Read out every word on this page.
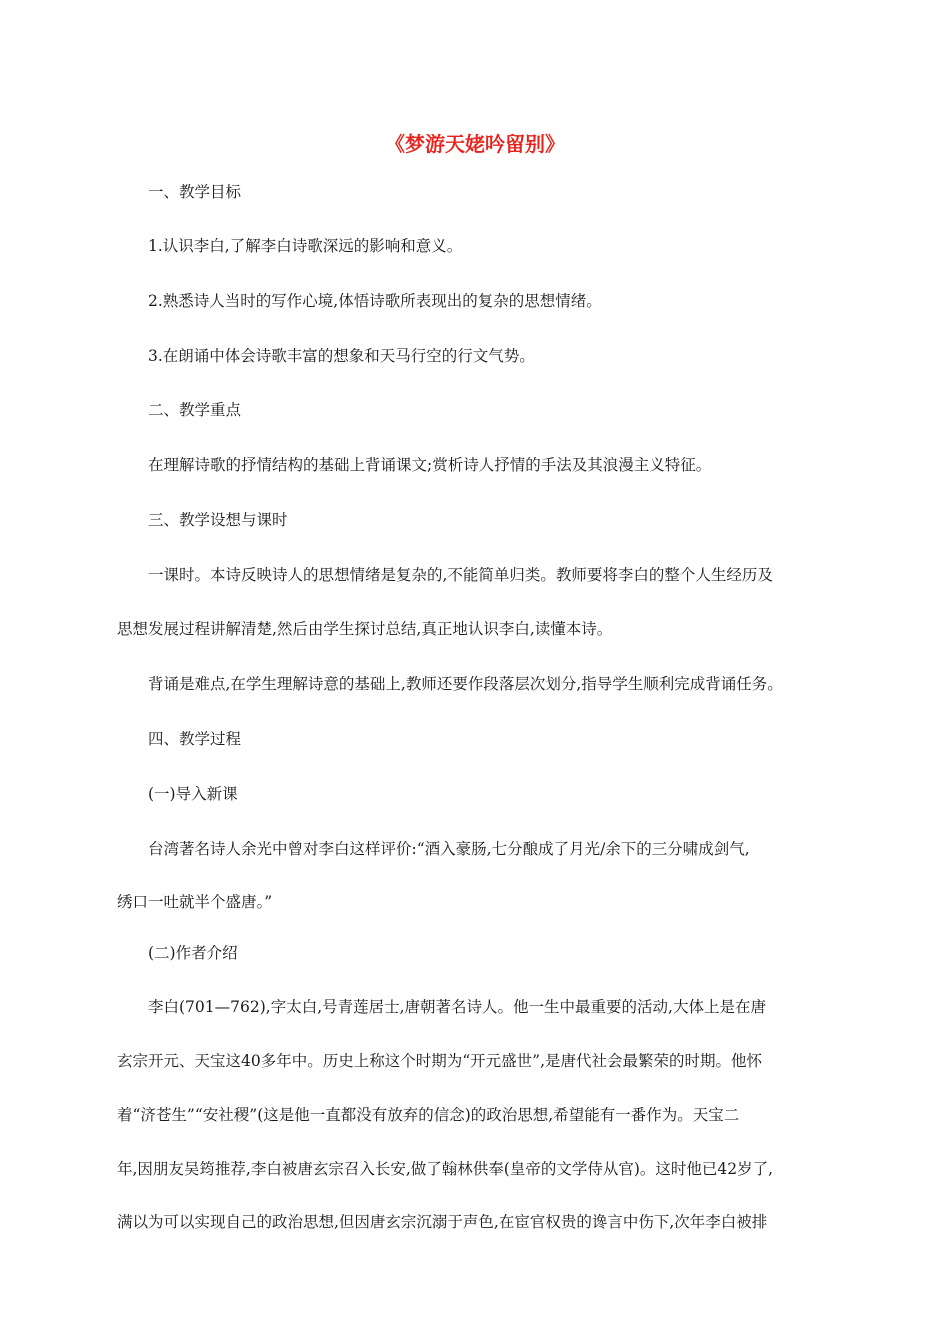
《梦游天姥吟留别》
一、教学目标
1.认识李白,了解李白诗歌深远的影响和意义。
2.熟悉诗人当时的写作心境,体悟诗歌所表现出的复杂的思想情绪。
3.在朗诵中体会诗歌丰富的想象和天马行空的行文气势。
二、教学重点
在理解诗歌的抒情结构的基础上背诵课文;赏析诗人抒情的手法及其浪漫主义特征。
三、教学设想与课时
一课时。本诗反映诗人的思想情绪是复杂的,不能简单归类。教师要将李白的整个人生经历及
思想发展过程讲解清楚,然后由学生探讨总结,真正地认识李白,读懂本诗。
背诵是难点,在学生理解诗意的基础上,教师还要作段落层次划分,指导学生顺利完成背诵任务。
四、教学过程
(一)导入新课
台湾著名诗人余光中曾对李白这样评价:“酒入豪肠,七分酿成了月光/余下的三分啸成剑气,
绣口一吐就半个盛唐。”
(二)作者介绍
李白(701—762),字太白,号青莲居士,唐朝著名诗人。他一生中最重要的活动,大体上是在唐
玄宗开元、天宝这40多年中。历史上称这个时期为“开元盛世”,是唐代社会最繁荣的时期。他怀
着“济苍生”“安社稷”(这是他一直都没有放弃的信念)的政治思想,希望能有一番作为。天宝二
年,因朋友吴筠推荐,李白被唐玄宗召入长安,做了翰林供奉(皇帝的文学侍从官)。这时他已42岁了,
满以为可以实现自己的政治思想,但因唐玄宗沉溺于声色,在宦官权贵的谗言中伤下,次年李白被排
